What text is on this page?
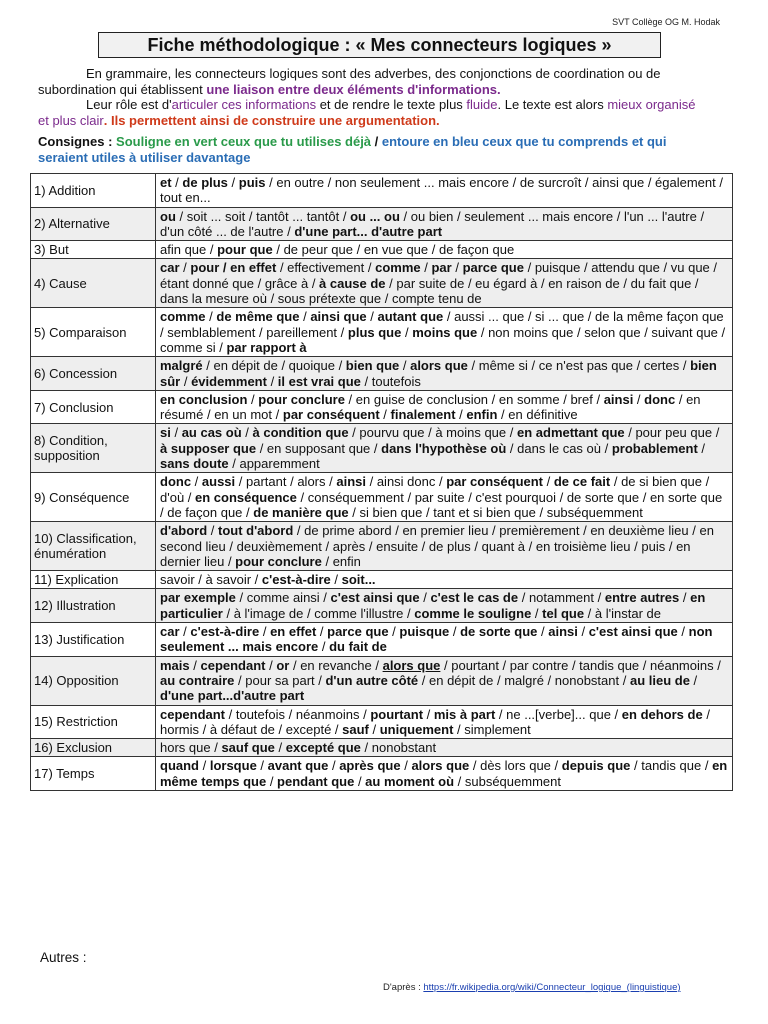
SVT Collège OG M. Hodak
Fiche méthodologique : « Mes connecteurs logiques »

En grammaire, les connecteurs logiques sont des adverbes, des conjonctions de coordination ou de subordination qui établissent une liaison entre deux éléments d'informations.

Leur rôle est d'articuler ces informations et de rendre le texte plus fluide. Le texte est alors mieux organisé et plus clair. Ils permettent ainsi de construire une argumentation.

Consignes : Souligne en vert ceux que tu utilises déjà / entoure en bleu ceux que tu comprends et qui seraient utiles à utiliser davantage
1) Addition	et / de plus / puis / en outre / non seulement ... mais encore / de surcroît / ainsi que / également / tout en...
2) Alternative	ou / soit ... soit / tantôt ... tantôt / ou ... ou / ou bien / seulement ... mais encore / l'un ... l'autre / d'un côté ... de l'autre / d'une part... d'autre part
3) But	afin que / pour que / de peur que / en vue que / de façon que
4) Cause	car / pour / en effet / effectivement / comme / par / parce que / puisque / attendu que / vu que / étant donné que / grâce à / à cause de / par suite de / eu égard à / en raison de / du fait que / dans la mesure où / sous prétexte que / compte tenu de
5) Comparaison	comme / de même que / ainsi que / autant que / aussi ... que / si ... que / de la même façon que / semblablement / pareillement / plus que / moins que / non moins que / selon que / suivant que / comme si / par rapport à
6) Concession	malgré / en dépit de / quoique / bien que / alors que / même si / ce n'est pas que / certes / bien sûr / évidemment / il est vrai que / toutefois
7) Conclusion	en conclusion / pour conclure / en guise de conclusion / en somme / bref / ainsi / donc / en résumé / en un mot / par conséquent / finalement / enfin / en définitive
8) Condition, supposition	si / au cas où / à condition que / pourvu que / à moins que / en admettant que / pour peu que / à supposer que / en supposant que / dans l'hypothèse où / dans le cas où / probablement / sans doute / apparemment
9) Conséquence	donc / aussi / partant / alors / ainsi / ainsi donc / par conséquent / de ce fait / de si bien que / d'où / en conséquence / conséquemment / par suite / c'est pourquoi / de sorte que / en sorte que / de façon que / de manière que / si bien que / tant et si bien que / subséquemment
10) Classification, énumération	d'abord / tout d'abord / de prime abord / en premier lieu / premièrement / en deuxième lieu / en second lieu / deuxièmement / après / ensuite / de plus / quant à / en troisième lieu / puis / en dernier lieu / pour conclure / enfin
11) Explication	savoir / à savoir / c'est-à-dire / soit...
12) Illustration	par exemple / comme ainsi / c'est ainsi que / c'est le cas de / notamment / entre autres / en particulier / à l'image de / comme l'illustre / comme le souligne / tel que / à l'instar de
13) Justification	car / c'est-à-dire / en effet / parce que / puisque / de sorte que / ainsi / c'est ainsi que / non seulement ... mais encore / du fait de
14) Opposition	mais / cependant / or / en revanche / alors que / pourtant / par contre / tandis que / néanmoins / au contraire / pour sa part / d'un autre côté / en dépit de / malgré / nonobstant / au lieu de / d'une part...d'autre part
15) Restriction	cependant / toutefois / néanmoins / pourtant / mis à part / ne ...[verbe]... que / en dehors de / hormis / à défaut de / excepté / sauf / uniquement / simplement
16) Exclusion	hors que / sauf que / excepté que / nonobstant
17) Temps	quand / lorsque / avant que / après que / alors que / dès lors que / depuis que / tandis que / en même temps que / pendant que / au moment où / subséquemment
Autres :
D'après : https://fr.wikipedia.org/wiki/Connecteur_logique_(linguistique)
